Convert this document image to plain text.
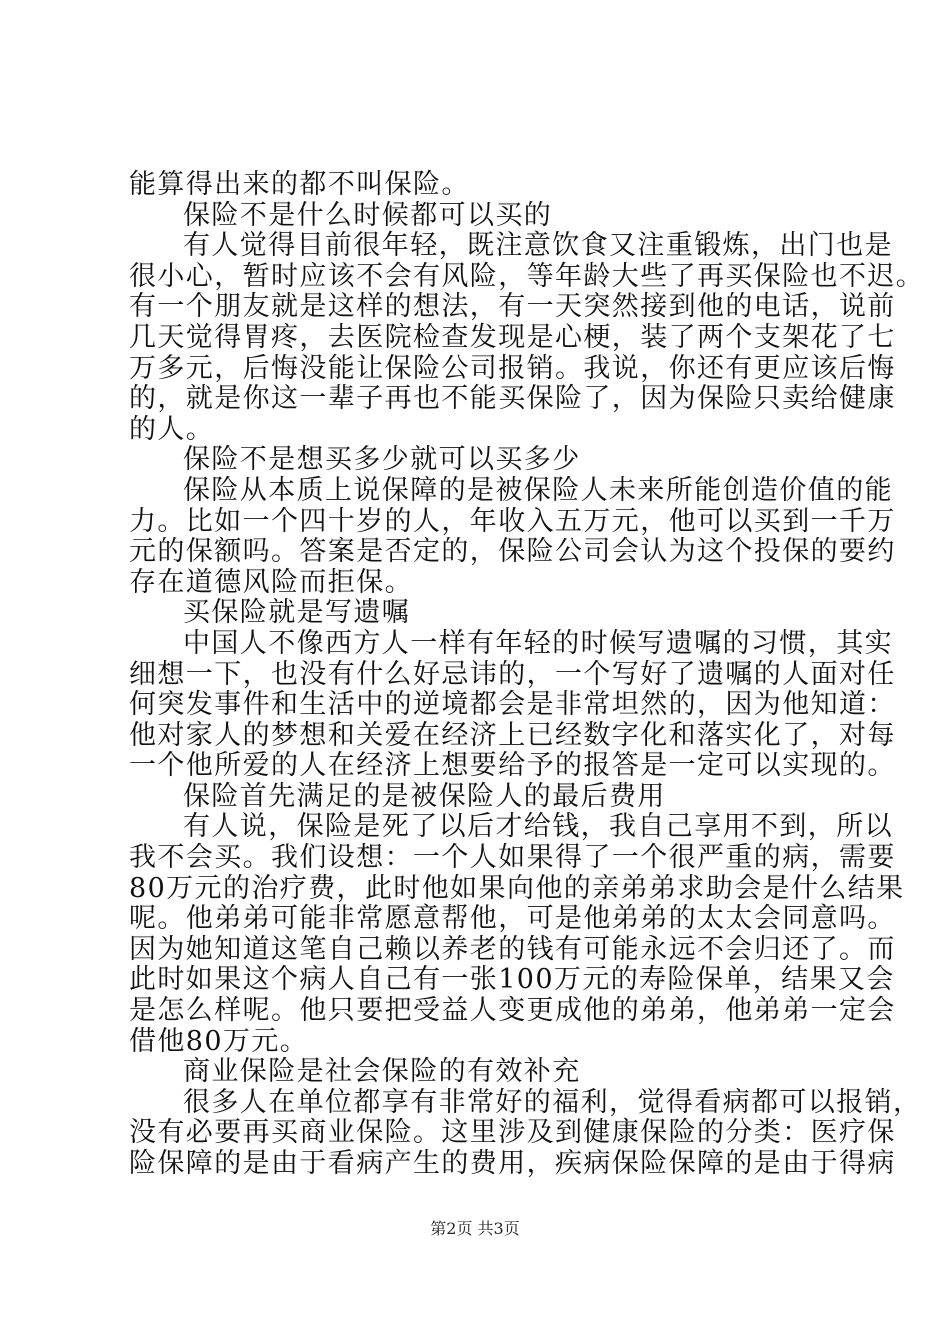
能算得出来的都不叫保险。
保险不是什么时候都可以买的
有人觉得目前很年轻，既注意饮食又注重锻炼，出门也是
很小心，暂时应该不会有风险，等年龄大些了再买保险也不迟。
有一个朋友就是这样的想法，有一天突然接到他的电话，说前
几天觉得胃疼，去医院检查发现是心梗，装了两个支架花了七
万多元，后悔没能让保险公司报销。我说，你还有更应该后悔
的，就是你这一辈子再也不能买保险了，因为保险只卖给健康
的人。
保险不是想买多少就可以买多少
保险从本质上说保障的是被保险人未来所能创造价值的能
力。比如一个四十岁的人，年收入五万元，他可以买到一千万
元的保额吗。答案是否定的，保险公司会认为这个投保的要约
存在道德风险而拒保。
买保险就是写遗嘱
中国人不像西方人一样有年轻的时候写遗嘱的习惯，其实
细想一下，也没有什么好忌讳的，一个写好了遗嘱的人面对任
何突发事件和生活中的逆境都会是非常坦然的，因为他知道：
他对家人的梦想和关爱在经济上已经数字化和落实化了，对每
一个他所爱的人在经济上想要给予的报答是一定可以实现的。
保险首先满足的是被保险人的最后费用
有人说，保险是死了以后才给钱，我自己享用不到，所以
我不会买。我们设想：一个人如果得了一个很严重的病，需要
80万元的治疗费，此时他如果向他的亲弟弟求助会是什么结果
呢。他弟弟可能非常愿意帮他，可是他弟弟的太太会同意吗。
因为她知道这笔自己赖以养老的钱有可能永远不会归还了。而
此时如果这个病人自己有一张100万元的寿险保单，结果又会
是怎么样呢。他只要把受益人变更成他的弟弟，他弟弟一定会
借他80万元。
商业保险是社会保险的有效补充
很多人在单位都享有非常好的福利，觉得看病都可以报销，
没有必要再买商业保险。这里涉及到健康保险的分类：医疗保
险保障的是由于看病产生的费用，疾病保险保障的是由于得病
第2页 共3页
